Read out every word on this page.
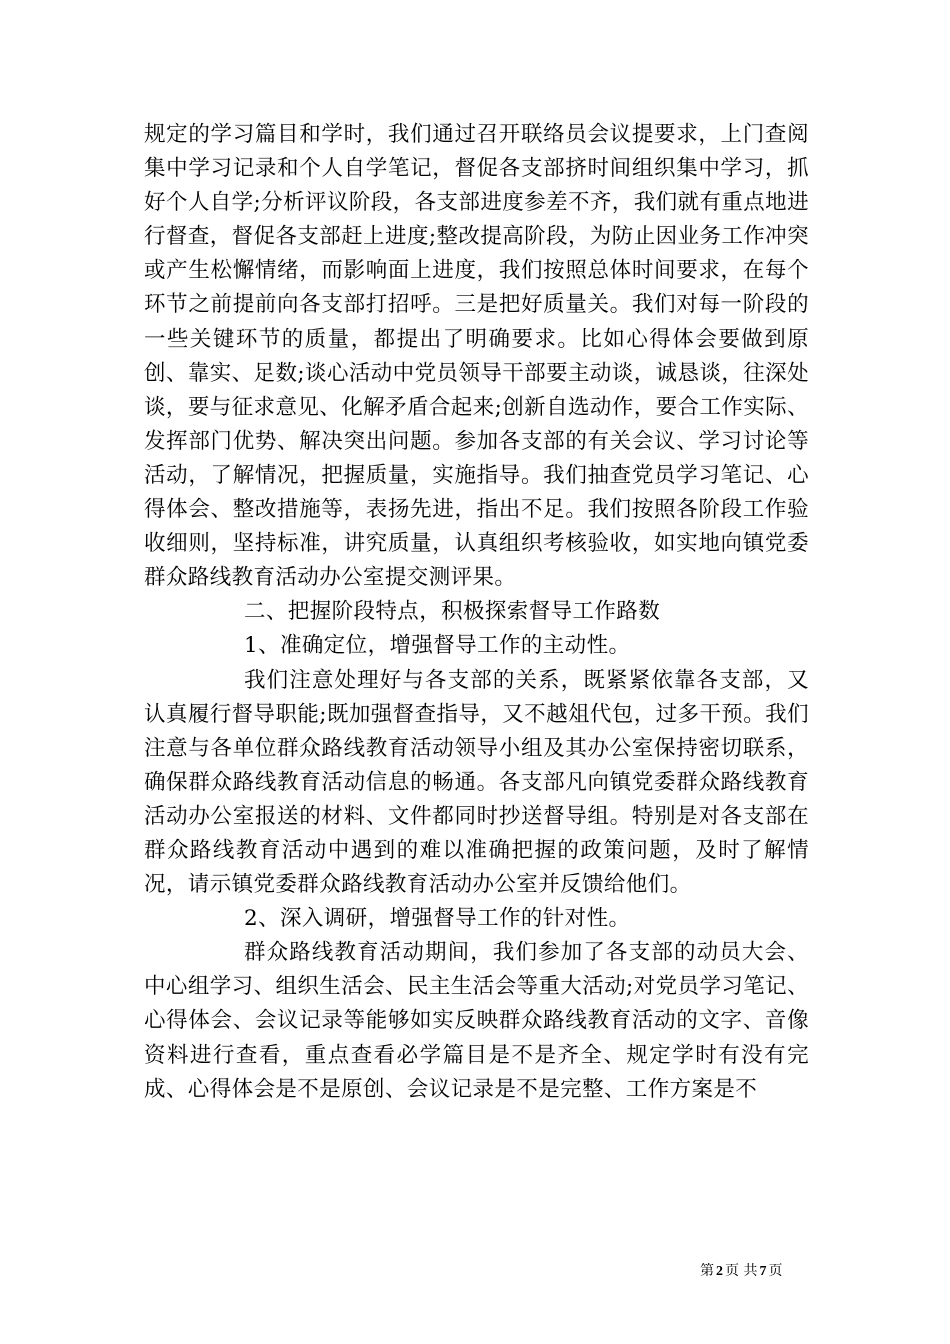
规定的学习篇目和学时，我们通过召开联络员会议提要求，上门查阅集中学习记录和个人自学笔记，督促各支部挤时间组织集中学习，抓好个人自学;分析评议阶段，各支部进度参差不齐，我们就有重点地进行督查，督促各支部赶上进度;整改提高阶段，为防止因业务工作冲突或产生松懈情绪，而影响面上进度，我们按照总体时间要求，在每个环节之前提前向各支部打招呼。三是把好质量关。我们对每一阶段的一些关键环节的质量，都提出了明确要求。比如心得体会要做到原创、靠实、足数;谈心活动中党员领导干部要主动谈，诚恳谈，往深处谈，要与征求意见、化解矛盾合起来;创新自选动作，要合工作实际、发挥部门优势、解决突出问题。参加各支部的有关会议、学习讨论等活动，了解情况，把握质量，实施指导。我们抽查党员学习笔记、心得体会、整改措施等，表扬先进，指出不足。我们按照各阶段工作验收细则，坚持标准，讲究质量，认真组织考核验收，如实地向镇党委群众路线教育活动办公室提交测评果。

二、把握阶段特点，积极探索督导工作路数

1、准确定位，增强督导工作的主动性。

我们注意处理好与各支部的关系，既紧紧依靠各支部，又认真履行督导职能;既加强督查指导，又不越俎代包，过多干预。我们注意与各单位群众路线教育活动领导小组及其办公室保持密切联系，确保群众路线教育活动信息的畅通。各支部凡向镇党委群众路线教育活动办公室报送的材料、文件都同时抄送督导组。特别是对各支部在群众路线教育活动中遇到的难以准确把握的政策问题，及时了解情况，请示镇党委群众路线教育活动办公室并反馈给他们。

2、深入调研，增强督导工作的针对性。

群众路线教育活动期间，我们参加了各支部的动员大会、中心组学习、组织生活会、民主生活会等重大活动;对党员学习笔记、心得体会、会议记录等能够如实反映群众路线教育活动的文字、音像资料进行查看，重点查看必学篇目是不是齐全、规定学时有没有完成、心得体会是不是原创、会议记录是不是完整、工作方案是不

第 2 页 共 7 页
